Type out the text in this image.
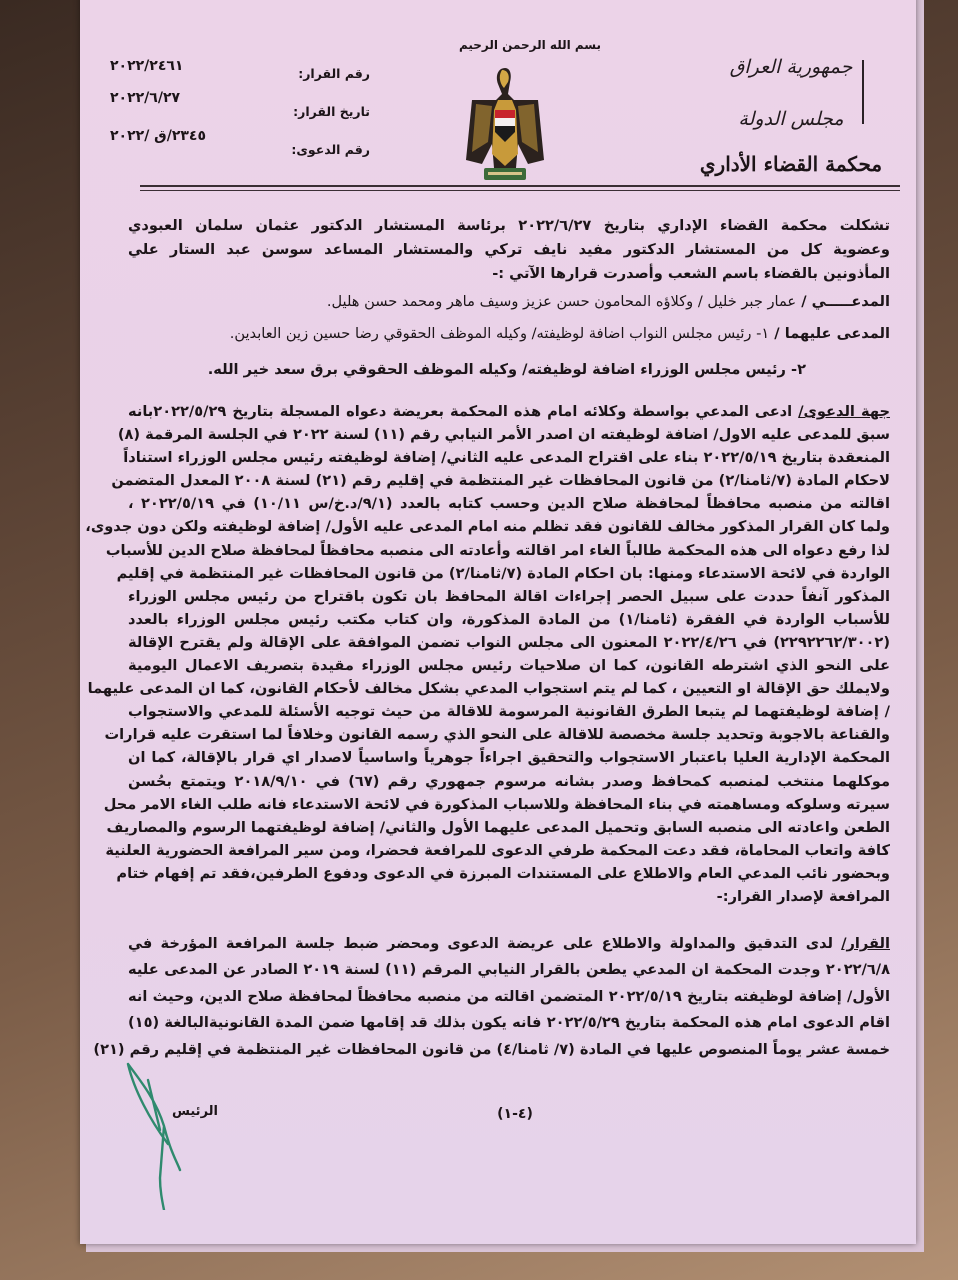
جمهورية العراق
مجلس الدولة
محكمة القضاء الأداري
بسم الله الرحمن الرحيم
رقم القرار:
٢٠٢٢/٢٤٦١
تاريخ القرار:
٢٠٢٢/٦/٢٧
رقم الدعوى:
٢٣٤٥/ق /٢٠٢٢
تشكلت محكمة القضاء الإداري بتاريخ ٢٠٢٢/٦/٢٧ برئاسة المستشار الدكتور عثمان سلمان العبودي
وعضوية كل من المستشار الدكتور مفيد نايف تركي والمستشار المساعد سوسن عبد الستار علي
المأذونين بالقضاء باسم الشعب وأصدرت قرارها الآتي :-
المدعـــــي / عمار جبر خليل / وكلاؤه المحامون حسن عزيز وسيف ماهر ومحمد حسن هليل.
المدعى عليهما / ١- رئيس مجلس النواب اضافة لوظيفته/ وكيله الموظف الحقوقي رضا حسين زين العابدين.
٢- رئيس مجلس الوزراء اضافة لوظيفته/ وكيله الموظف الحقوقي برق سعد خير الله.
جهة الدعوى/ ادعى المدعي بواسطة وكلائه امام هذه المحكمة بعريضة دعواه المسجلة بتاريخ ٢٠٢٢/٥/٢٩بانه
سبق للمدعى عليه الاول/ اضافة لوظيفته ان اصدر الأمر النيابي رقم (١١) لسنة ٢٠٢٢ في الجلسة المرقمة (٨)
المنعقدة بتاريخ ٢٠٢٢/٥/١٩ بناء على اقتراح المدعى عليه الثاني/ إضافة لوظيفته رئيس مجلس الوزراء استناداً
لاحكام المادة (٧/ثامنا/٢) من قانون المحافظات غير المنتظمة في إقليم رقم (٢١) لسنة ٢٠٠٨ المعدل المتضمن
اقالته من منصبه محافظاً لمحافظة صلاح الدين وحسب كتابه بالعدد (٩/١/د.خ/س ١٠/١١) في ٢٠٢٢/٥/١٩ ،
ولما كان القرار المذكور مخالف للقانون فقد تظلم منه امام المدعى عليه الأول/ إضافة لوظيفته ولكن دون جدوى،
لذا رفع دعواه الى هذه المحكمة طالباً الغاء امر اقالته وأعادته الى منصبه محافظاً لمحافظة صلاح الدين للأسباب
الواردة في لائحة الاستدعاء ومنها: بان احكام المادة (٧/ثامنا/٢) من قانون المحافظات غير المنتظمة في إقليم
المذكور آنفاً حددت على سبيل الحصر إجراءات اقالة المحافظ بان تكون باقتراح من رئيس مجلس الوزراء
للأسباب الواردة في الفقرة (ثامنا/١) من المادة المذكورة، وان كتاب مكتب رئيس مجلس الوزراء بالعدد
(٢٢٩٢٢٦٢/٣٠٠٢) في ٢٠٢٢/٤/٢٦ المعنون الى مجلس النواب تضمن الموافقة على الإقالة ولم يقترح الإقالة
على النحو الذي اشترطه القانون، كما ان صلاحيات رئيس مجلس الوزراء مقيدة بتصريف الاعمال اليومية
ولايملك حق الإقالة او التعيين ، كما لم يتم استجواب المدعي بشكل مخالف لأحكام القانون، كما ان المدعى عليهما
/ إضافة لوظيفتهما لم يتبعا الطرق القانونية المرسومة للاقالة من حيث توجيه الأسئلة للمدعي والاستجواب
والقناعة بالاجوبة وتحديد جلسة مخصصة للاقالة على النحو الذي رسمه القانون وخلافاً لما استقرت عليه قرارات
المحكمة الإدارية العليا باعتبار الاستجواب والتحقيق اجراءاً جوهرياً واساسياً لاصدار اي قرار بالإقالة، كما ان
موكلهما منتخب لمنصبه كمحافظ وصدر بشانه مرسوم جمهوري رقم (٦٧) في ٢٠١٨/٩/١٠ ويتمتع بحُسن
سيرته وسلوكه ومساهمته في بناء المحافظة وللاسباب المذكورة في لائحة الاستدعاء فانه طلب الغاء الامر محل
الطعن واعادته الى منصبه السابق وتحميل المدعى عليهما الأول والثاني/ إضافة لوظيفتهما الرسوم والمصاريف
كافة واتعاب المحاماة، فقد دعت المحكمة طرفي الدعوى للمرافعة فحضرا، ومن سير المرافعة الحضورية العلنية
وبحضور نائب المدعي العام والاطلاع على المستندات المبرزة في الدعوى ودفوع الطرفين،فقد تم إفهام ختام
المرافعة لإصدار القرار:-
القرار/ لدى التدقيق والمداولة والاطلاع على عريضة الدعوى ومحضر ضبط جلسة المرافعة المؤرخة في
٢٠٢٢/٦/٨ وجدت المحكمة ان المدعي يطعن بالقرار النيابي المرقم (١١) لسنة ٢٠١٩ الصادر عن المدعى عليه
الأول/ إضافة لوظيفته بتاريخ ٢٠٢٢/٥/١٩ المتضمن اقالته من منصبه محافظاً لمحافظة صلاح الدين، وحيث انه
اقام الدعوى امام هذه المحكمة بتاريخ ٢٠٢٢/٥/٢٩ فانه يكون بذلك قد إقامها ضمن المدة القانونيةالبالغة (١٥)
خمسة عشر يوماً المنصوص عليها في المادة (٧/ ثامنا/٤) من قانون المحافظات غير المنتظمة في إقليم رقم (٢١)
(٤-١)
الرئيس
